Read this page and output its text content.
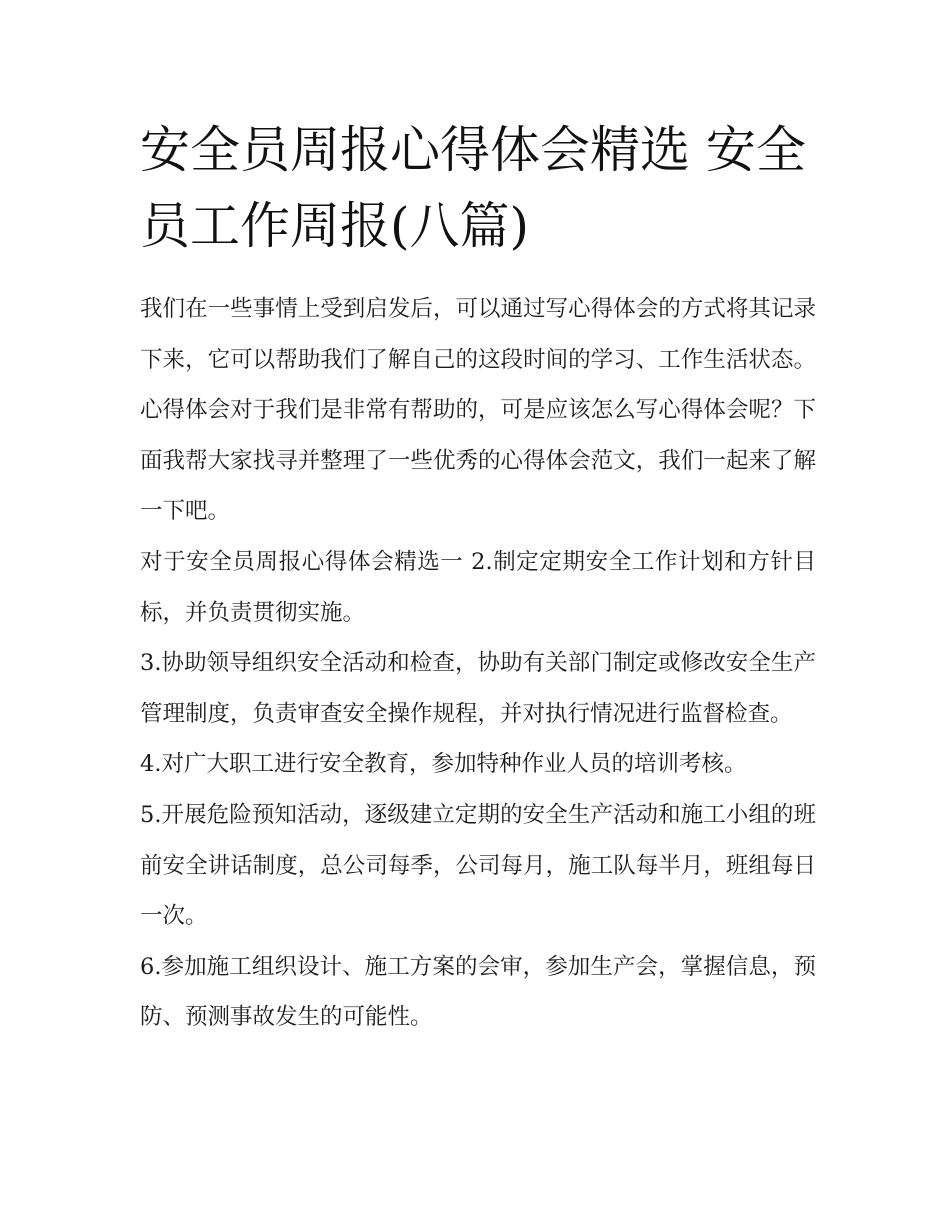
安全员周报心得体会精选 安全员工作周报(八篇)

我们在一些事情上受到启发后，可以通过写心得体会的方式将其记录下来，它可以帮助我们了解自己的这段时间的学习、工作生活状态。心得体会对于我们是非常有帮助的，可是应该怎么写心得体会呢？下面我帮大家找寻并整理了一些优秀的心得体会范文，我们一起来了解一下吧。

对于安全员周报心得体会精选一 2.制定定期安全工作计划和方针目标，并负责贯彻实施。

3.协助领导组织安全活动和检查，协助有关部门制定或修改安全生产管理制度，负责审查安全操作规程，并对执行情况进行监督检查。

4.对广大职工进行安全教育，参加特种作业人员的培训考核。

5.开展危险预知活动，逐级建立定期的安全生产活动和施工小组的班前安全讲话制度，总公司每季，公司每月，施工队每半月，班组每日一次。

6.参加施工组织设计、施工方案的会审，参加生产会，掌握信息，预防、预测事故发生的可能性。
